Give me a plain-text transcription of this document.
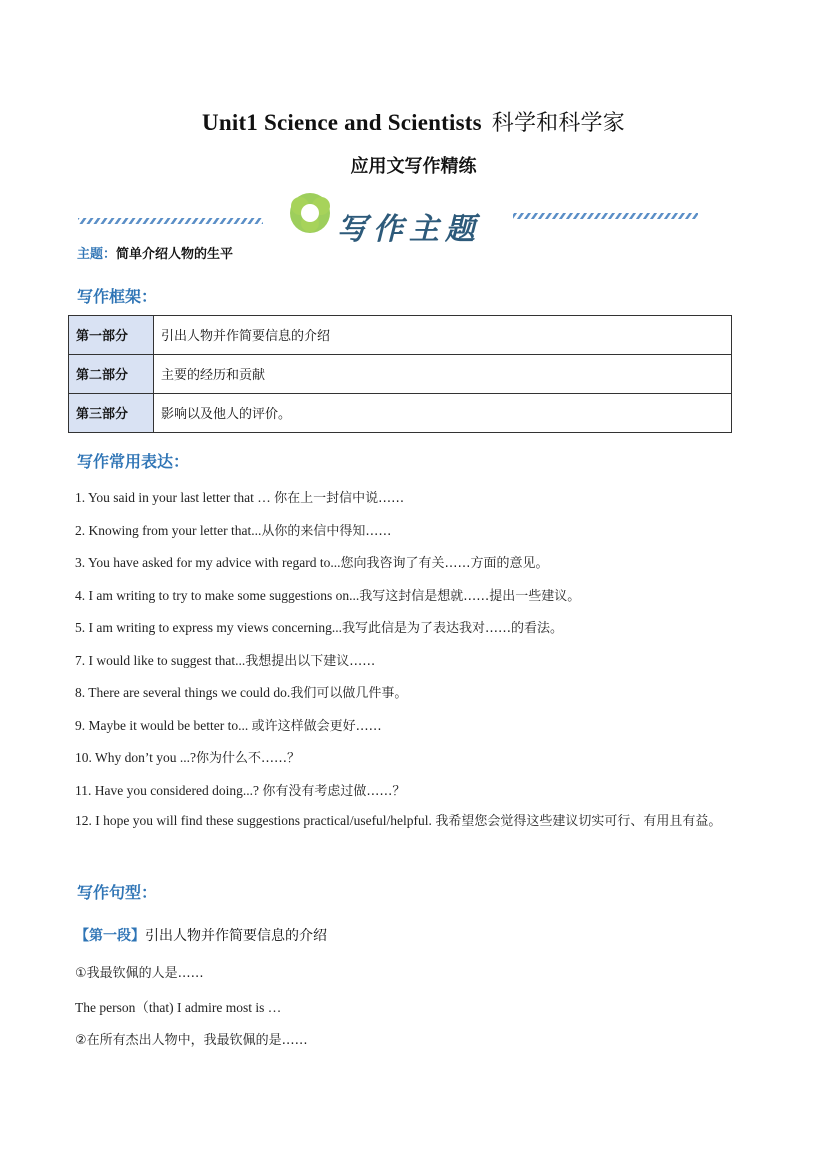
Unit1 Science and Scientists 科学和科学家
应用文写作精练
写作主题
主题：简单介绍人物的生平
写作框架：
第一部分	引出人物并作简要信息的介绍
第二部分	主要的经历和贡献
第三部分	影响以及他人的评价。
写作常用表达：
1. You said in your last letter that … 你在上一封信中说……
2. Knowing from your letter that...从你的来信中得知……
3. You have asked for my advice with regard to...您向我咨询了有关……方面的意见。
4. I am writing to try to make some suggestions on...我写这封信是想就……提出一些建议。
5. I am writing to express my views concerning...我写此信是为了表达我对……的看法。
7. I would like to suggest that...我想提出以下建议……
8. There are several things we could do.我们可以做几件事。
9. Maybe it would be better to... 或许这样做会更好……
10. Why don’t you ...?你为什么不……？
11. Have you considered doing...? 你有没有考虑过做……？
12. I hope you will find these suggestions practical/useful/helpful. 我希望您会觉得这些建议切实可行、有用且有益。
写作句型：
【第一段】引出人物并作简要信息的介绍
①我最钦佩的人是……
The person（that) I admire most is …
②在所有杰出人物中，我最钦佩的是……
